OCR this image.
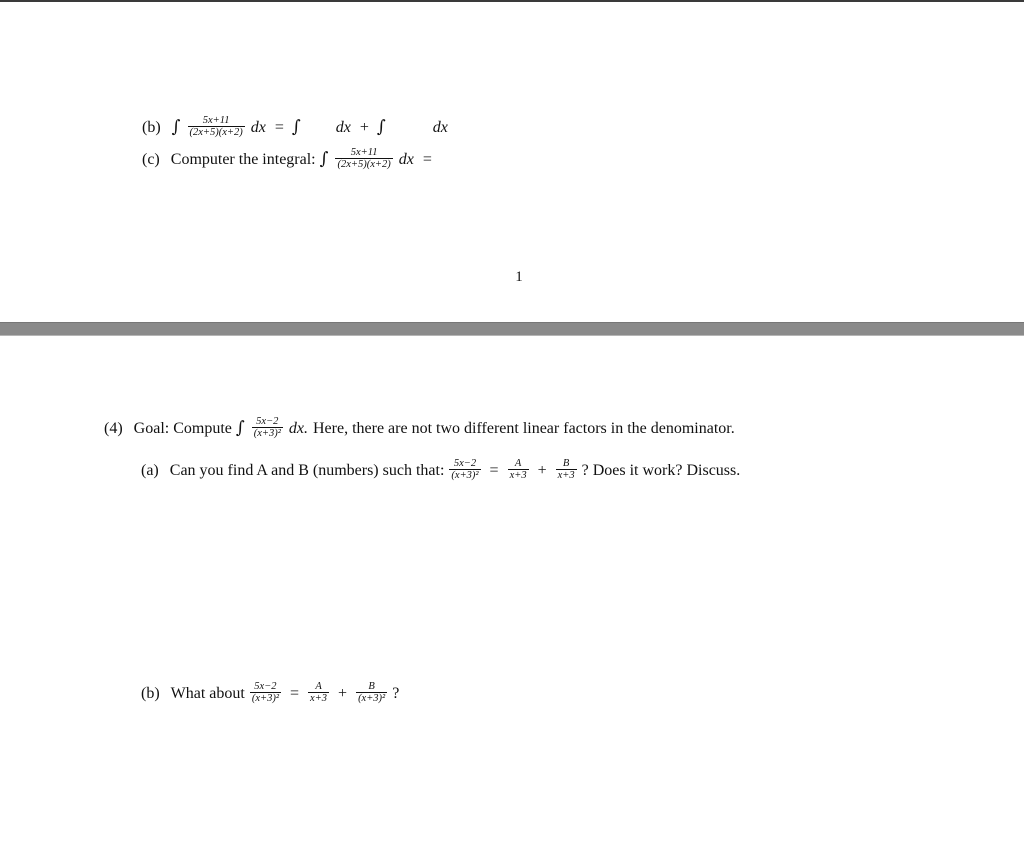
(b) ∫ $\frac{5x+11}{(2x+5)(x+2)}$ dx = ∫ dx + ∫	dx
(c) Computer the integral: ∫ $\frac{5x+11}{(2x+5)(x+2)}$ dx =
1
(4) Goal: Compute ∫ $\frac{5x-2}{\text{(x+3)²}}$ dx. Here, there are not two different linear factors in the denominator.
(a) Can you find A and B (numbers) such that: $\frac{5x-2}{\text{(x+3)²}} = \frac{A}{x+3} + \frac{B}{x+3}$ ? Does it work? Discuss.
(b) What about $\frac{5x-2}{\text{(x+3)²}} = \frac{A}{x+3} + \frac{B}{\text{(x+3)²}}$ ?
